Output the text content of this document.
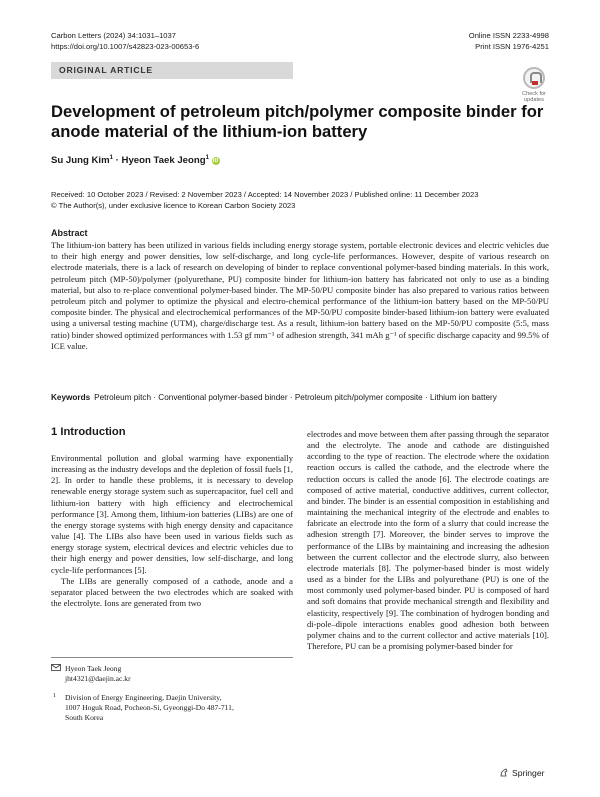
Carbon Letters (2024) 34:1031–1037
https://doi.org/10.1007/s42823-023-00653-6
Online ISSN 2233-4998
Print ISSN 1976-4251
ORIGINAL ARTICLE
Check for
updates
Development of petroleum pitch/polymer composite binder for anode material of the lithium-ion battery
Su Jung Kim$^1$ · Hyeon Taek Jeong$^1$ iD
Received: 10 October 2023 / Revised: 2 November 2023 / Accepted: 14 November 2023 / Published online: 11 December 2023
© The Author(s), under exclusive licence to Korean Carbon Society 2023
Abstract
The lithium-ion battery has been utilized in various fields including energy storage system, portable electronic devices and electric vehicles due to their high energy and power densities, low self-discharge, and long cycle-life performances. However, despite of various research on electrode materials, there is a lack of research on developing of binder to replace conventional polymer-based binding materials. In this work, petroleum pitch (MP-50)/polymer (polyurethane, PU) composite binder for lithium-ion battery has fabricated not only to use as a binding material, but also to re-place conventional polymer-based binder. The MP-50/PU composite binder has also prepared to various ratios between petroleum pitch and polymer to optimize the physical and electro-chemical performance of the lithium-ion battery based on the MP-50/PU composite binder. The physical and electrochemical performances of the MP-50/PU composite binder-based lithium-ion battery were evaluated using a universal testing machine (UTM), charge/discharge test. As a result, lithium-ion battery based on the MP-50/PU composite (5:5, mass ratio) binder showed optimized performances with 1.53 gf mm⁻¹ of adhesion strength, 341 mAh g⁻¹ of specific discharge capacity and 99.5% of ICE value.
Keywords Petroleum pitch · Conventional polymer-based binder · Petroleum pitch/polymer composite · Lithium ion battery
1 Introduction

Environmental pollution and global warming have exponentially increasing as the industry develops and the depletion of fossil fuels [1, 2]. In order to handle these problems, it is necessary to develop renewable energy storage system such as supercapacitor, fuel cell and lithium-ion battery with high efficiency and electrochemical performance [3]. Among them, lithium-ion batteries (LIBs) are one of the energy storage systems with high energy density and capacitance value [4]. The LIBs also have been used in various fields such as energy storage system, electrical devices and electric vehicles due to their high energy and power densities, low self-discharge, and long cycle-life performances [5].

The LIBs are generally composed of a cathode, anode and a separator placed between the two electrodes which are soaked with the electrolyte. Ions are generated from two

electrodes and move between them after passing through the separator and the electrolyte. The anode and cathode are distinguished according to the type of reaction. The electrode where the oxidation reaction occurs is called the cathode, and the electrode where the reduction occurs is called the anode [6]. The electrode coatings are composed of active material, conductive additives, current collector, and binder. The binder is an essential composition in establishing and maintaining the mechanical integrity of the electrode and enables to fabricate an electrode into the form of a slurry that could increase the adhesion strength [7]. Moreover, the binder serves to improve the performance of the LIBs by maintaining and increasing the adhesion between the current collector and the electrode slurry, also between electrode materials [8]. The polymer-based binder is most widely used as a binder for the LIBs and polyurethane (PU) is one of the most commonly used polymer-based binder. PU is composed of hard and soft domains that provide mechanical strength and flexibility and elasticity, respectively [9]. The combination of hydrogen bonding and di-pole–dipole interactions enables good adhesion both between polymer chains and to the current collector and active materials [10]. Therefore, PU can be a promising polymer-based binder for

Hyeon Taek Jeong
jht4321@daejin.ac.kr
1 Division of Energy Engineering, Daejin University,
1007 Hoguk Road, Pocheon-Si, Gyeonggi-Do 487-711,
South Korea
Springer
